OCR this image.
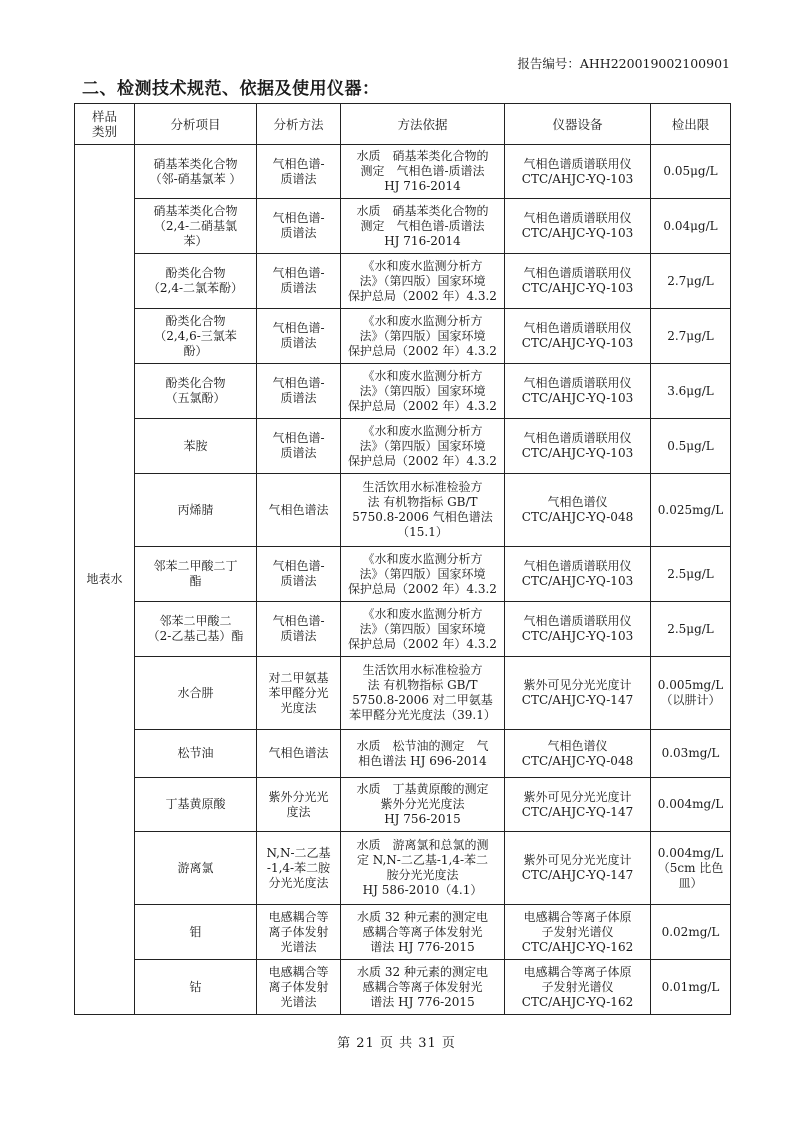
报告编号：AHH220019002100901
二、检测技术规范、依据及使用仪器：
样品
类别	分析项目	分析方法	方法依据	仪器设备	检出限

地表水	硝基苯类化合物
（邻-硝基氯苯 ）	气相色谱-
质谱法	水质　硝基苯类化合物的
测定　气相色谱-质谱法
HJ 716-2014	气相色谱质谱联用仪
CTC/AHJC-YQ-103	0.05μg/L

	硝基苯类化合物
（2,4-二硝基氯
苯）	气相色谱-
质谱法	水质　硝基苯类化合物的
测定　气相色谱-质谱法
HJ 716-2014	气相色谱质谱联用仪
CTC/AHJC-YQ-103	0.04μg/L

	酚类化合物
（2,4-二氯苯酚）	气相色谱-
质谱法	《水和废水监测分析方
法》（第四版）国家环境
保护总局（2002 年）4.3.2	气相色谱质谱联用仪
CTC/AHJC-YQ-103	2.7μg/L

	酚类化合物
（2,4,6-三氯苯
酚）	气相色谱-
质谱法	《水和废水监测分析方
法》（第四版）国家环境
保护总局（2002 年）4.3.2	气相色谱质谱联用仪
CTC/AHJC-YQ-103	2.7μg/L

	酚类化合物
（五氯酚）	气相色谱-
质谱法	《水和废水监测分析方
法》（第四版）国家环境
保护总局（2002 年）4.3.2	气相色谱质谱联用仪
CTC/AHJC-YQ-103	3.6μg/L

	苯胺	气相色谱-
质谱法	《水和废水监测分析方
法》（第四版）国家环境
保护总局（2002 年）4.3.2	气相色谱质谱联用仪
CTC/AHJC-YQ-103	0.5μg/L

	丙烯腈	气相色谱法	生活饮用水标准检验方
法 有机物指标 GB/T
5750.8-2006 气相色谱法
（15.1）	气相色谱仪
CTC/AHJC-YQ-048	0.025mg/L

	邻苯二甲酸二丁
酯	气相色谱-
质谱法	《水和废水监测分析方
法》（第四版）国家环境
保护总局（2002 年）4.3.2	气相色谱质谱联用仪
CTC/AHJC-YQ-103	2.5μg/L

	邻苯二甲酸二
（2-乙基己基）酯	气相色谱-
质谱法	《水和废水监测分析方
法》（第四版）国家环境
保护总局（2002 年）4.3.2	气相色谱质谱联用仪
CTC/AHJC-YQ-103	2.5μg/L

	水合肼	对二甲氨基
苯甲醛分光
光度法	生活饮用水标准检验方
法 有机物指标 GB/T
5750.8-2006 对二甲氨基
苯甲醛分光光度法（39.1）	紫外可见分光光度计
CTC/AHJC-YQ-147	0.005mg/L
（以肼计）

	松节油	气相色谱法	水质　松节油的测定　气
相色谱法 HJ 696-2014	气相色谱仪
CTC/AHJC-YQ-048	0.03mg/L

	丁基黄原酸	紫外分光光
度法	水质　丁基黄原酸的测定
紫外分光光度法
HJ 756-2015	紫外可见分光光度计
CTC/AHJC-YQ-147	0.004mg/L

	游离氯	N,N-二乙基
-1,4-苯二胺
分光光度法	水质　游离氯和总氯的测
定 N,N-二乙基-1,4-苯二
胺分光光度法
HJ 586-2010（4.1）	紫外可见分光光度计
CTC/AHJC-YQ-147	0.004mg/L
（5cm 比色
皿）

	钼	电感耦合等
离子体发射
光谱法	水质 32 种元素的测定电
感耦合等离子体发射光
谱法 HJ 776-2015	电感耦合等离子体原
子发射光谱仪
CTC/AHJC-YQ-162	0.02mg/L

	钴	电感耦合等
离子体发射
光谱法	水质 32 种元素的测定电
感耦合等离子体发射光
谱法 HJ 776-2015	电感耦合等离子体原
子发射光谱仪
CTC/AHJC-YQ-162	0.01mg/L
第 21 页 共 31 页
